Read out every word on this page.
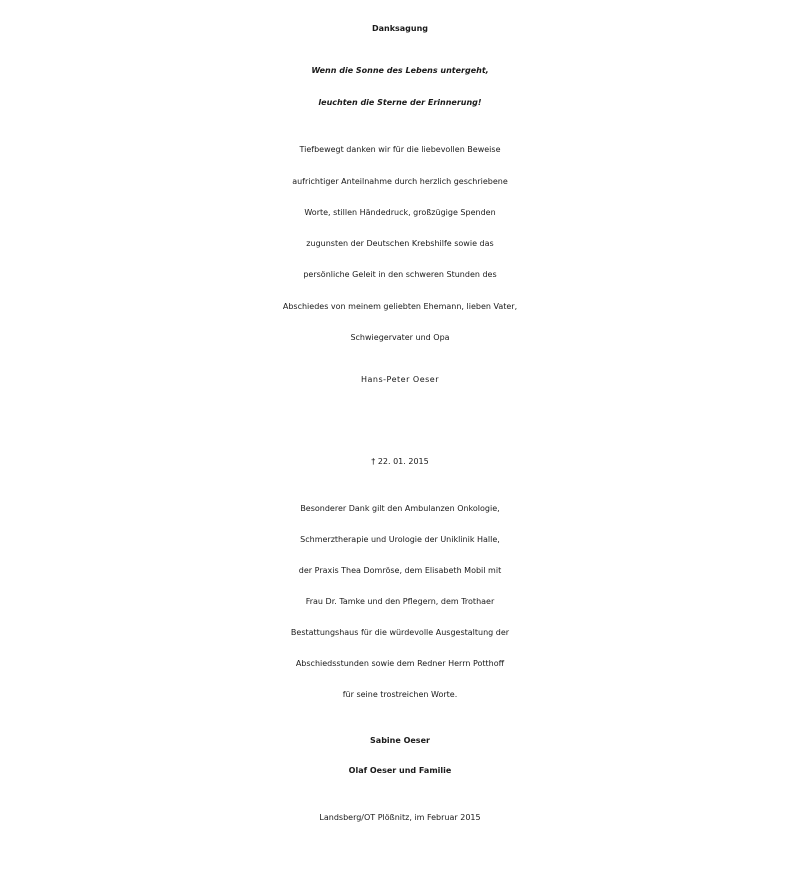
Danksagung
Wenn die Sonne des Lebens untergeht,
leuchten die Sterne der Erinnerung!
Tiefbewegt danken wir für die liebevollen Beweise
aufrichtiger Anteilnahme durch herzlich geschriebene
Worte, stillen Händedruck, großzügige Spenden
zugunsten der Deutschen Krebshilfe sowie das
persönliche Geleit in den schweren Stunden des
Abschiedes von meinem geliebten Ehemann, lieben Vater,
Schwiegervater und Opa
Hans-Peter Oeser
† 22. 01. 2015
Besonderer Dank gilt den Ambulanzen Onkologie,
Schmerztherapie und Urologie der Uniklinik Halle,
der Praxis Thea Domröse, dem Elisabeth Mobil mit
Frau Dr. Tamke und den Pflegern, dem Trothaer
Bestattungshaus für die würdevolle Ausgestaltung der
Abschiedsstunden sowie dem Redner Herrn Potthoff
für seine trostreichen Worte.
Sabine Oeser
Olaf Oeser und Familie
Landsberg/OT Plößnitz, im Februar 2015
